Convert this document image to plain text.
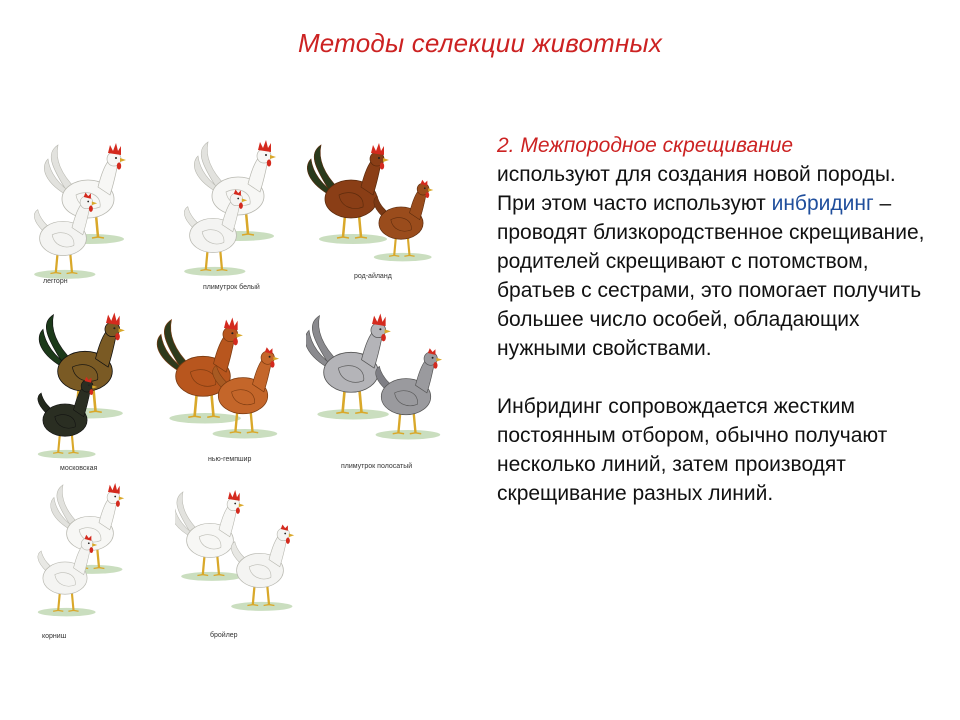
Методы селекции животных
леггорн
плимутрок белый
род-айланд
московская
нью-гемпшир
плимутрок полосатый
корниш	бройлер

2. Межпородное скрещивание
используют для создания новой породы. При этом часто используют инбридинг – проводят близкородственное скрещивание, родителей скрещивают с потомством, братьев с сестрами, это помогает получить большее число особей, обладающих нужными свойствами.

Инбридинг сопровождается жестким постоянным отбором, обычно получают несколько линий, затем производят скрещивание разных линий.
